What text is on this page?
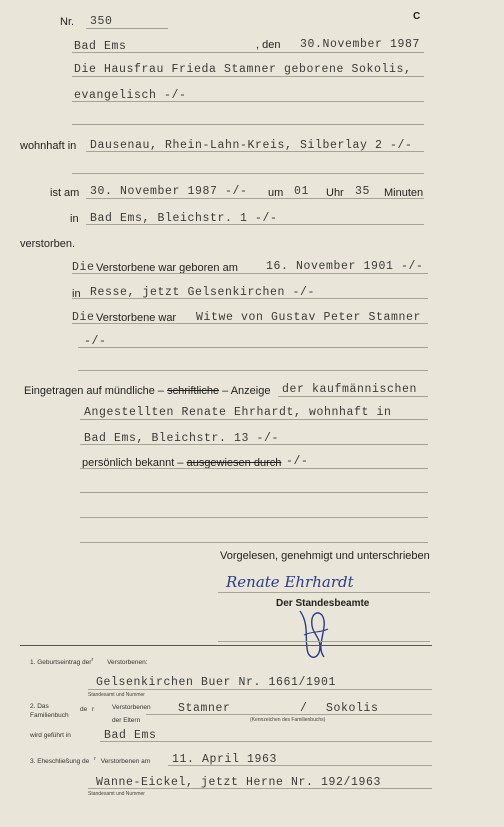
C
Nr. 350
Bad Ems	, den 30.November 1987
Die Hausfrau Frieda Stamner geborene Sokolis,
evangelisch -/-
wohnhaft in Dausenau, Rhein-Lahn-Kreis, Silberlay 2 -/-
ist am 30. November 1987 -/- um 01 Uhr 35 Minuten
in Bad Ems, Bleichstr. 1 -/-
verstorben.
Die Verstorbene war geboren am 16. November 1901 -/-
in Resse, jetzt Gelsenkirchen -/-
Die Verstorbene war Witwe von Gustav Peter Stamner
-/-
Eingetragen auf mündliche – schriftliche – Anzeige der kaufmännischen
Angestellten Renate Ehrhardt, wohnhaft in
Bad Ems, Bleichstr. 13 -/-
persönlich bekannt – ausgewiesen durch -/-
Vorgelesen, genehmigt und unterschrieben
Renate Ehrhardt
Der Standesbeamte
1. Geburtseintrag der$^r$ Verstorbenen:
Gelsenkirchen Buer Nr. 1661/1901
Standesamt und Nummer
2. Das
Familienbuch
de r	Verstorbenen
der Eltern
Stamner	/ Sokolis
(Kennzeichen des Familienbuchs)
wird geführt in	Bad Ems
3. Eheschließung de $^r$ Verstorbenen am 11. April 1963
Wanne-Eickel, jetzt Herne Nr. 192/1963
Standesamt und Nummer
